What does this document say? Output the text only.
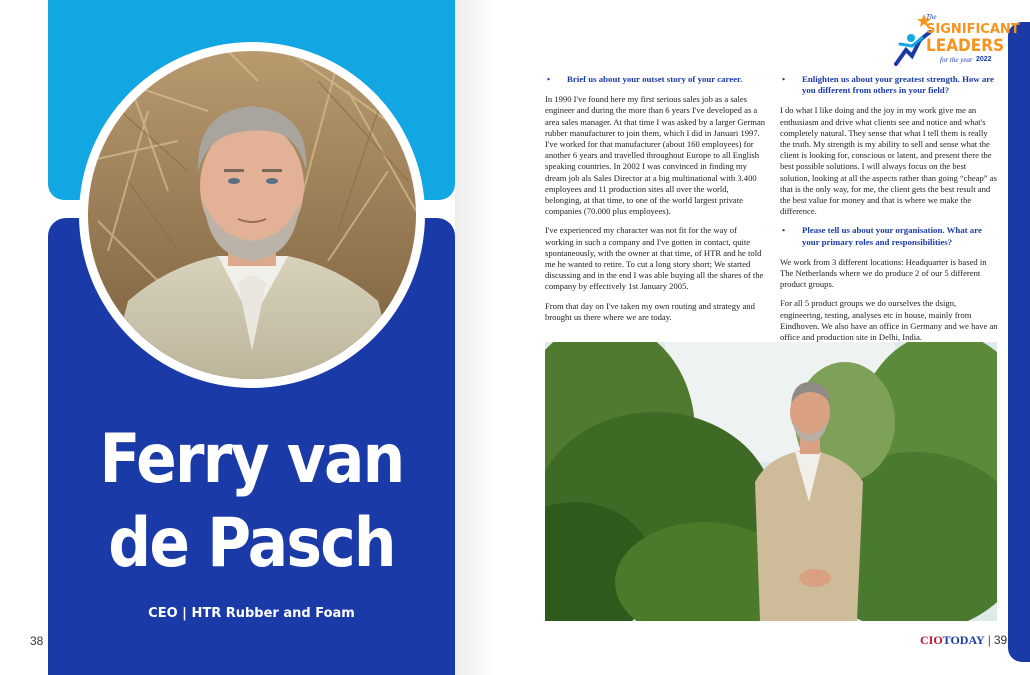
Ferry van
de Pasch
CEO | HTR Rubber and Foam
38
The
SIGNIFICANT
LEADERS
for the year 2022
•	Brief us about your outset story of your career.

In 1990 I've found here my first serious sales job as a sales engineer and during the more than 6 years I've developed as a area sales manager. At that time I was asked by a larger German rubber manufacturer to join them, which I did in Januari 1997. I've worked for that manufacturer (about 160 employees) for another 6 years and travelled throughout Europe to all English speaking countries. In 2002 I was convinced in finding my dream job als Sales Director at a big multinational with 3.400 employees and 11 production sites all over the world, belonging, at that time, to one of the world largest private companies (70.000 plus employees).

I've experienced my character was not fit for the way of working in such a company and I've gotten in contact, quite spontaneously, with the owner at that time, of HTR and he told me he wanted to retire. To cut a long story short; We started discussing and in the end I was able buying all the shares of the company by effectively 1st January 2005.

From that day on I've taken my own routing and strategy and brought us there where we are today.

•	Enlighten us about your greatest strength. How are you different from others in your field?

I do what I like doing and the joy in my work give me an enthusiasm and drive what clients see and notice and what's completely natural. They sense that what I tell them is really the truth. My strength is my ability to sell and sense what the client is looking for, conscious or latent, and present there the best possible solutions. I will always focus on the best solution, looking at all the aspects rather than going “cheap” as that is the only way, for me, the client gets the best result and the best value for money and that is where we make the difference.

•	Please tell us about your organisation. What are your primary roles and responsibilities?

We work from 3 different locations: Headquarter is based in The Netherlands where we do produce 2 of our 5 different product groups.

For all 5 product groups we do ourselves the dsign, engineering, testing, analyses etc in house, mainly from Eindhoven. We also have an office in Germany and we have an office and production site in Delhi, India.

CIOTODAY | 39
